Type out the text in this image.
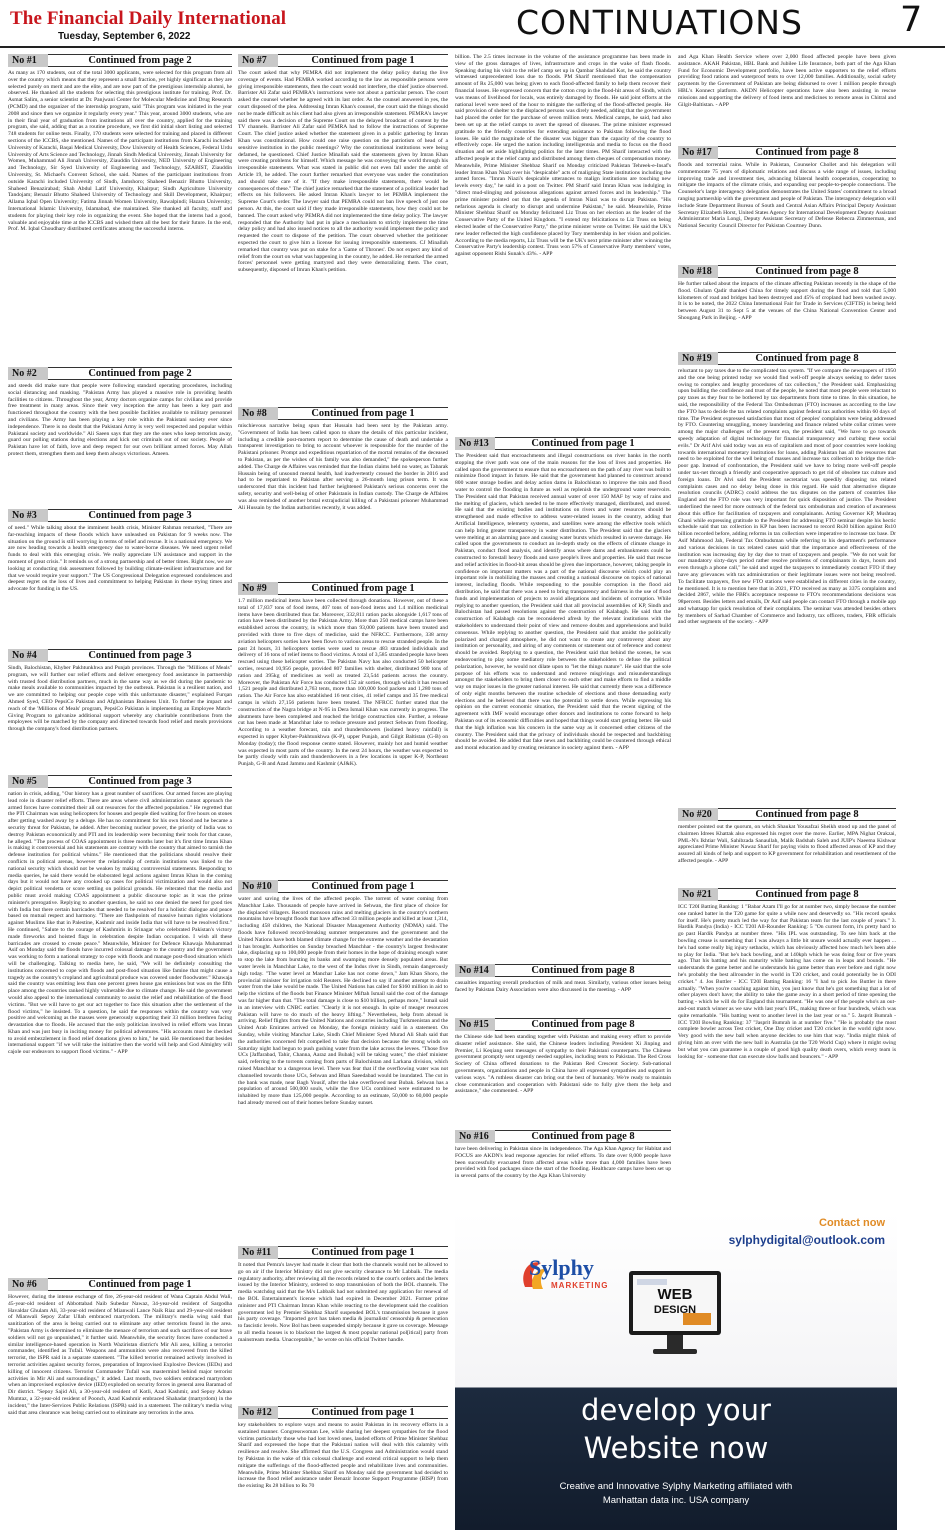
The Financial Daily International
Tuesday, September 6, 2022	CONTINUATIONS	7
No #1	Continued from page 2
As many as 170 students, out of the total 3000 applicants, were selected for this program from all over the country which means that they represent a small fraction, yet highly significant as they are selected purely on merit and are the elite, and are now part of the prestigious internship alumni, he observed. He thanked all the students for selecting this prestigious institute for training. Prof. Dr. Asmat Salim, a senior scientist at Dr. Panjwani Center for Molecular Medicine and Drug Research (PCMD) and the organizer of the internship program, said "This program was initiated in the year 2008 and since then we organize it regularly every year." This year, around 3000 students, who are in their final year of graduation from institutions all over the country, applied for the training program, she said, adding that as a routine procedure, we first did initial short listing and selected 748 students for online tests. Finally, 170 students were selected for training and placed in different sections of the ICCBS, she mentioned. Names of the participant institutions from Karachi included University of Karachi, Baqai Medical University, Dow University of Health Sciences, Federal Urdu University of Arts Science and Technology, Jinnah Sindh Medical University, Jinnah University for Women, Muhammad Ali Jinnah University, Ziauddin University, NED University of Engineering and Technology, Sir Syed University of Engineering and Technology, SZABIST, Ziauddin University, St. Michael's Convent School, she said. Names of the participant institutions from outside Karachi included University of Sindh, Jamshoro; Shaheed Benazir Bhutto University, Shaheed Benazirabad; Shah Abdul Latif University, Khairpur; Sindh Agriculture University Tandojam; Benazir Bhutto Shaheed University of Technology and Skill Development, Khairpur; Allama Iqbal Open University; Fatima Jinnah Women University, Rawalpindi; Hazara University; International Islamic University, Islamabad, she maintained. She thanked all faculty, staff and students for playing their key role in organizing the event. She hoped that the interns had a good, valuable and enjoyable time at the ICCBS and wished them all the best for their future. In the end, Prof. M. Iqbal Choudhary distributed certificates among the successful interns.
No #2	Continued from page 2
and steeds did make sure that people were following standard operating procedures, including social distancing and masking. "Pakistan Army has played a massive role in providing health facilities to citizens. Throughout the year, Army doctors organize camps for civilians and provide free treatment in many areas. Since their very inception the army has been a key part and functioned throughout the country with the best possible facilities available to military personnel and civilians. The Army has been playing a key role within the Pakistani society ever since independence. There is no doubt that the Pakistani Army is very well respected and popular within Pakistani society and worldwide." Ali Saeen says that they are the ones who keep terrorists away, guard our polling stations during elections and kick out criminals out of our society. People of Pakistan have lot of faith, love and deep respect for our own brilliant armed forces. May Allah protect them, strengthen them and keep them always victorious. Ameen.
No #3	Continued from page 3
of need." While talking about the imminent health crisis, Minister Rahman remarked, "There are far-reaching impacts of these floods which have unleashed on Pakistan for 9 weeks now. The situation on the ground is still worrying in terms of relief and rescue. It is a national emergency. We are now heading towards a health emergency due to water-borne diseases. We need urgent relief funds to deal with this emerging crisis. We really appreciate UN assistance and support in the moment of great crisis." It reminds us of a strong partnership and of better times. Right now, we are looking at conducting risk assessment followed by building climate-resilient infrastructure and for that we would require your support." The US Congressional Delegation expressed condolences and deepest regret on the loss of lives and commitment to helping Pakistan in these trying times and advocate for funding in the US.
No #4	Continued from page 3
Sindh, Balochistan, Khyber Pakhtunkhwa and Punjab provinces. Through the "Millions of Meals" program, we will further our relief efforts and deliver emergency food assistance in partnership with trusted food distribution partners, much in the same way as we did during the pandemic to make meals available to communities impacted by the outbreak. Pakistan is a resilient nation, and we are committed to helping our people cope with this unfortunate disaster," explained Furqan Ahmed Syed, CEO PepsiCo Pakistan and Afghanistan Business Unit. To further the impact and reach of the 'Millions of Meals' program, PepsiCo Pakistan is implementing an Employee Match-Giving Program to galvanize additional support whereby any charitable contributions from the employees will be matched by the company and directed towards food relief and meals provisions through the company's food distribution partners.
No #5	Continued from page 3
nation in crisis, adding, "Our history has a great number of sacrifices. Our armed forces are playing lead role in disaster relief efforts. There are areas where civil administration cannot approach the armed forces have committed their all out resources for the affected population." He regretted that the PTI Chairman was using helicopters for houses and people died waiting for five hours on stones after getting washed away by a deluge. He has no commitment for his own blood and he became a security threat for Pakistan, he added. After becoming nuclear power, the priority of India was to destroy Pakistan economically and PTI and its leadership were becoming their tools for that cause, he alleged. "The process of COAS appointment is three months later but it's first time Imran Khan is making it controversial and his statements are contrary with the country that aimed to tarnish the defense institution for political whims." He mentioned that the politicians should resolve their conflicts in political arenas, however the relationship of certain institutions was linked to the national security which should not be weaken by making controversial statements. Responding to media queries, he said there would be elaborated legal actions against Imran Khan in the coming days but it would not have any crooked up cases for political victimization and would also not depict political vendetta or score settling on political grounds. He reiterated that the media and public must avoid making COAS appointment a public discourse topic as it was the prime minister's prerogative. Replying to another question, he said no one denied the need for good ties with India but there certain barricades that needed to be resolved for a holistic dialogue and peace based on mutual respect and harmony. "There are flashpoints of massive human rights violations against Muslims like that in Palestine, Kashmir and inside India that will have to be resolved first." He continued, "Salute to the courage of Kashmiris in Srinagar who celebrated Pakistan's victory made fireworks and hoisted flags in celebration despite Indian occupation. I wish all these barricades are crossed to create peace." Meanwhile, Minister for Defence Khawaja Muhammad Asif on Monday said the floods have incurred colossal damage to the country and the government was working to form a national strategy to cope with floods and manage post-flood situation which will be challenging. Talking to media here, he said, "We will be definitely consulting the institutions concerned to cope with floods and post-flood situation like famine that might cause a tragedy as the country's cropland and agricultural produce was covered under floodwater." Khawaja said the country was emitting less than one percent green house gas emissions but was on the fifth place among the countries ranked highly vulnerable due to climate change. He said the government would also appeal to the international community to assist the relief and rehabilitation of the flood victims. "But we will have to get our act together to face this situation after the settlement of the flood victims," he insisted. To a question, he said the responses within the country was very positive and welcoming as the masses were generously supporting their 33 million brethren facing devastation due to floods. He accused that the only politician involved in relief efforts was Imran Khan and was just busy in inciting money for political adventures. "His accounts must be checked to avoid embezzlement in flood relief donations given to him," he said. He mentioned that besides international support "if we will take the initiative then the world will help and God Almighty will cajole our endeavors to support flood victims." - APP
No #6	Continued from page 1
However, during the intense exchange of fire, 26-year-old resident of Wana Captain Abdul Wali, 45-year-old resident of Abbottabad Naib Subedar Nawaz, 34-year-old resident of Sargodha Havaldar Ghulam Ali, 33-year-old resident of Mianwali Lance Naik Riaz and 29-year-old resident of Mianwali Sepoy Zafar Ullah embraced martyrdom. The military's media wing said that sanitization of the area is being carried out to eliminate any other terrorists found in the area. "Pakistan Army is determined to eliminate the menace of terrorism and such sacrifices of our brave soldiers will not go unpunished," it further said. Meanwhile, the security forces have conducted a similar intelligence-based operation in North Waziristan district's Mir Ali area, killing a terrorist commander, identified as Tufail. Weapons and ammunition were also recovered from the killed terrorist, the ISPR said in a separate statement. "The killed terrorist remained actively involved in terrorist activities against security forces, preparation of Improvised Explosive Devices (IEDs) and killing of innocent citizens. Terrorist Commander Tufail was mastermind behind major terrorist activities in Mir Ali and surroundings," it added. Last month, two soldiers embraced martyrdom when an improvised explosive device (IED) exploded on security forces in general area Baramad of Dir district. "Sepoy Sajid Ali, a 30-year-old resident of Kotli, Azad Kashmir, and Sepoy Adnan Mumtaz, a 32-year-old resident of Poonch, Azad Kashmir embraced Shahadat (martyrdom) in the incident," the Inter-Services Public Relations (ISPR) said in a statement. The military's media wing said that area clearance was being carried out to eliminate any terrorists in the area.
No #7	Continued from page 1
The court asked that why PEMRA did not implement the delay policy during the live coverage of events. Had PEMRA worked according to the law as responsible persons were giving irresponsible statements, then the court would not interfere, the chief justice observed. Barrister Ali Zafar said PEMRA's instructions were not about a particular person. The court asked the counsel whether he agreed with its last order. As the counsel answered in yes, the court disposed of the plea. Addressing Imran Khan's counsel, the court said the things should not be made difficult as his client had also given an irresponsible statement. PEMRA's lawyer said there was a decision of the Supreme Court on the delayed broadcast of content by the TV channels. Barrister Ali Zafar said PEMRA had to follow the instructions of Supreme Court. The chief justice asked whether the statement given in a public gathering by Imran Khan was constitutional. How could one raise question on the patriotism of head of a sensitive institution in the public meetings? Why the constitutional institutions were being defamed, he questioned. Chief Justice Minallah said the statements given by Imran Khan were creating problems for himself. Which message he was conveying the world through his irresponsible statements. What was stated in public did not even fall under the ambit of Article 19, he added. The court further remarked that everyone was under the constitution and should take care of it. "If they make irresponsible statements, there would be consequences of these." The chief justice remarked that the statement of a political leader had effects on his followers. He asked Imran Khan's lawyer to let PEMRA implement the Supreme Court's order. The lawyer said that PEMRA could not ban live speech of just one person. At this, the court said if they made irresponsible statements, how they could not be banned. The court asked why PEMRA did not implemented the time delay policy. The lawyer responded that the Authority had put in place a mechanism to strictly implement the time delay policy and had also issued notices to all the authority would implement the policy and requested the court to dispose of the petition. The court observed whether the petitioner expected the court to give him a license for issuing irresponsible statements. CJ Minallah remarked that country was put on stake for a 'Game of Thrones'. Do not expect any kind of relief from the court on what was happening in the country, he added. He remarked the armed forces' personnel were getting martyred and they were demoralizing them. The court, subsequently, disposed of Imran Khan's petition.
No #8	Continued from page 1
mischievous narrative being spun that Hussain had been sent by the Pakistan army. "Government of India has been called upon to share the details of this particular incident, including a credible post-mortem report to determine the cause of death and undertake a transparent investigation to bring to account whoever is responsible for the murder of the Pakistani prisoner. Prompt and expeditious repatriation of the mortal remains of the deceased to Pakistan, as per the wishes of his family was also demanded," the spokesperson further added. The Charge de Affaires was reminded that the Indian claims held no water, as Tabarak Hussain being of unsound mental health, had inadvertently crossed the border in 2016 and had to be repatriated to Pakistan after serving a 26-month long prison term. It was underscored that this incident had further heightened Pakistan's serious concerns over the safety, security and well-being of other Pakistanis in Indian custody. The Charge de Affaires was also reminded of another brutal extrajudicial killing of a Pakistani prisoner Muhammad Ali Hussain by the Indian authorities recently, it was added.
No #9	Continued from page 1
1.7 million medicinal items have been collected through donations. However, out of these a total of 17,837 tons of food items, 407 tons of non-food items and 1.4 million medicinal items have been distributed thus far. Moreover, 332,811 ration packs alongside 1,617 tons of ration have been distributed by the Pakistan Army. More than 250 medical camps have been established across the country, in which more than 93,000 patients have been treated and provided with three to five days of medicine, said the NFRCC. Furthermore, 338 army aviation helicopters sorties have been flown to various areas to rescue stranded people. In the past 24 hours, 31 helicopters sorties were used to rescue 483 stranded individuals and delivery of 16 tons of relief items to flood victims. A total of 3,585 stranded people have been rescued using these helicopter sorties. The Pakistan Navy has also conducted 50 helicopter sorties, rescued 10,956 people, provided 807 families with shelter, distributed 980 tons of ration and 395kg of medicines as well as treated 23,544 patients across the country. Moreover, the Pakistan Air Force has conducted 152 air sorties, through which it has rescued 1,521 people and distributed 2,763 tents, more than 100,000 food packets and 1,280 tons of ration. The Air Force has also established 16 tent cities, 41 relief camps and 35 free medical camps in which 27,156 patients have been treated. The NFRCC further stated that the construction of the Nagra bridge at N-95 in Dera Ismail Khan was currently in progress. The abutments have been completed and reached the bridge construction site. Further, a release cut has been made at Manchhar lake to reduce pressure and protect Sehwan from flooding. According to a weather forecast, rain and thundershowers (isolated heavy rainfall) is expected in upper Khyber-Pakhtunkhwa (K-P), upper Punjab, and Gilgit Baltistan (G-B) on Monday (today); the flood response centre stated. However, mainly hot and humid weather was expected in most parts of the country. In the next 24 hours, the weather was expected to be partly cloudy with rain and thundershowers in a few locations in upper K-P, Northeast Punjab, G-B and Azad Jammu and Kashmir (AJ&K).
No #10	Continued from page 1
water and saving the lives of the affected people. The torrent of water coming from Manchhar Lake. Thousands of people have arrived in Sehwan, the first place of choice for the displaced villagers. Record monsoon rains and melting glaciers in the country's northern mountains have brought floods that have affected 33 million people and killed at least 1,314, including 458 children, the National Disaster Management Authority (NDMA) said. The floods have followed record-breaking summer temperatures and the government and the United Nations have both blamed climate change for the extreme weather and the devastation it has brought. Authorities on Sunday breached Manchhar - the country's largest freshwater lake, displacing up to 100,000 people from their homes in the hope of draining enough water to stop the lake from bursting its banks and swamping more densely populated areas. But water levels in Manchhar Lake, to the west of the Indus river in Sindh, remain dangerously high today. "The water level at Manchar Lake has not come down," Jam Khan Shoro, the provincial minister for irrigation told Reuters. He declined to say if another attempt to drain water from the lake would be made. The United Nations has called for $160 million in aid to help the victims of the floods but Finance Minister Miftah Ismail said the cost of the damage was far higher than that. "The total damage is close to $10 billion, perhaps more," Ismail said in an interview with CNBC earlier. "Clearly it is not enough. In spite of meager resources Pakistan will have to do much of the heavy lifting." Nevertheless, help from abroad is arriving. Relief flights from the United Nations and countries including Turkmenistan and the United Arab Emirates arrived on Monday, the foreign ministry said in a statement. On Sunday, while visiting Manchar Lake, Sindh Chief Minister Syed Murad Ali Shah said that the authorities concerned felt compelled to take that decision because the strong winds on Saturday night had begun to push gushing water from the lake across the levees. "Those five UCs [Jaffarabad, Tahir, Channa, Aaraz and Bubak] will be taking water," the chief minister said, referring to the torrents coming from parts of Balochistan and Larkana division, which raised Manchhar to a dangerous level. There was fear that if the overflowing water was not channelled towards those UCs, Sehwan and Bhan Saeedabad would be inundated. The cut in the bank was made, near Bagh Yousif, after the lake overflowed near Bubak. Sehwan has a population of around 500,000 souls, while the five UCs combined were estimated to be inhabited by more than 125,000 people. According to an estimate, 50,000 to 60,000 people had already moved out of their homes before Sunday sunset.
No #11	Continued from page 1
It noted that Pemra's lawyer had made it clear that both the channels would not be allowed to go on air if the Interior Ministry did not give security clearance to Mr Labbaik. The media regulatory authority, after reviewing all the records related to the court's orders and the letters issued by the Interior Ministry, ordered to stop transmission of both the BOL channels. The media watchdog said that the M/s Labbaik had not submitted any application for renewal of the BOL Entertainment's license which had expired in December 2021. Former prime minister and PTI Chairman Imran Khan while reacting to the development said the coalition government led by Premier Shehbaz Sharif suspended BOL's transmission because it gave his party coverage. "Imported govt has taken media & journalists' censorship & persecution to fascistic levels. Now Bol has been suspended simply because it gave us coverage. Message to all media houses is to blackout the largest & most popular national pol[itical] party from mainstream media. Unacceptable," he wrote on his official Twitter handle.
No #12	Continued from page 1
key stakeholders to explore ways and means to assist Pakistan in its recovery efforts in a sustained manner. Congresswoman Lee, while sharing her deepest sympathies for the flood victims particularly those who had lost loved ones, lauded efforts of Prime Minister Shehbaz Sharif and expressed the hope that the Pakistani nation will deal with this calamity with resilience and resolve. She affirmed that the U.S. Congress and Administration would stand by Pakistan in the wake of this colossal challenge and extend critical support to help them mitigate the sufferings of the flood-affected people and rehabilitate lives and communities. Meanwhile, Prime Minister Shehbaz Sharif on Monday said the government had decided to increase the flood relief assistance under Benazir Income Support Programme (BISP) from the existing Rs 28 billion to Rs 70
billion. The 2.5 times increase in the volume of the assistance programme has been made in view of the gross damages of lives, infrastructure and crops in the wake of flash floods. Speaking during his visit to the relief camp set up in Qambar Shahdad Kot, he said the country witnessed unprecedented loss due to floods. PM Sharif mentioned that the compensation amount of Rs 25,000 was being given to each flood-affected family to help them recover their financial losses. He expressed concern that the cotton crop in the flood-hit areas of Sindh, which was means of livelihood for locals, was entirely damaged by floods. He said joint efforts at the national level were need of the hour to mitigate the suffering of the flood-affected people. He said provision of shelter to the displaced persons was direly needed, adding that the government had placed the order for the purchase of seven million tents. Medical camps, he said, had also been set up at the relief camps to avert the spread of diseases. The prime minister expressed gratitude to the friendly countries for extending assistance to Pakistan following the flood losses. He said the magnitude of the disaster was bigger than the capacity of the country to effectively cope. He urged the nation including intelligentsia and media to focus on the flood situation and set aside highlighting politics for the later times. PM Sharif interacted with the affected people at the relief camp and distributed among them cheques of compensation money. Meanwhile, Prime Minister Shehbaz Sharif on Monday criticized Pakistan Tehreek-e-Insaf's leader Imran Khan Niazi over his "despicable" acts of maligning State institutions including the armed forces. "Imran Niazi's despicable utterances to malign institutions are touching new levels every day," he said in a post on Twitter. PM Sharif said Imran Khan was indulging in "direct mud-slinging and poisonous allegations against armed forces and its leadership." The prime minister pointed out that the agenda of Imran Niazi was to disrupt Pakistan. "His nefarious agenda is clearly to disrupt and undermine Pakistan," he said. Meanwhile, Prime Minister Shehbaz Sharif on Monday felicitated Liz Truss on her election as the leader of the Conservative Party of the United Kingdom. "I extend my felicitations to Liz Truss on being elected leader of the Conservative Party," the prime minister wrote on Twitter. He said the UK's new leader reflected the high confidence placed by Tory membership in her vision and policies. According to the media reports, Liz Truss will be the UK's next prime minister after winning the Conservative Party's leadership contest. Truss won 57% of Conservative Party members' votes, against opponent Rishi Sunak's 43%. - APP
No #13	Continued from page 1
The President said that encroachments and illegal constructions on river banks in the north stopping the river path was one of the main reasons for the loss of lives and properties. He called upon the government to ensure that no encroachment on the path of any river was built to minimize flood impact in future. He said that the government had planned to construct around 800 water storage bodies and delay action dams in Balochistan to improve the rain and flood water to control the flooding in future as well as replenish the underground water reservoirs. The President said that Pakistan received annual water of over 150 MAF by way of rains and the melting of glaciers, which needed to be more effectively managed, distributed, and stored. He said that the existing bodies and institutions on rivers and water resources should be strengthened and made effective to address water-related issues in the country, adding that Artificial Intelligence, telemetry systems, and satellites were among the effective tools which can help bring greater transparency in water distribution. The President said that the glaciers were melting at an alarming pace and causing water bursts which resulted in severe damage. He called upon the governments to conduct an in-depth study on the effects of climate change in Pakistan, conduct flood analysis, and identify areas where dams and embankments could be constructed to forestall heavy floods and save people's lives and properties. He said that rescue and relief activities in flood-hit areas should be given due importance, however, taking people in confidence on important matters was a part of the national discourse which could play an important role in mobilizing the masses and creating a national discourse on topics of national interest, including floods. While responding to the possible corruption in the flood aid distribution, he said that there was a need to bring transparency and fairness in the use of flood funds and implementation of projects to avoid allegations and incidents of corruption. While replying to another question, the President said that all provincial assemblies of KP, Sindh and Balochistan had passed resolutions against the construction of Kalabagh. He said that the construction of Kalabagh can be reconsidered afresh by the relevant institutions with the stakeholders to understand their point of view and remove doubts and apprehensions and build consensus. While replying to another question, the President said that amidst the politically polarized and charged atmosphere, he did not want to create any controversy about any institution or personality, and airing of any comments or statement out of reference and context should be avoided. Replying to a question, the President said that behind the scenes, he was endeavouring to play some mediatory role between the stakeholders to defuse the political polarization, however, he would not dilate upon to "let the things mature". He said that the sole purpose of his efforts was to understand and remove misgivings and misunderstandings amongst the stakeholders to bring them closer to each other and make efforts to find a middle way on major issues in the greater national interest. He said that currently there was a difference of only eight months between the routine schedule of elections and those demanding early elections and he believed that there was the potential to settle down. While expressing his opinion on the current economic situation, the President said that the recent signing of the agreement with IMF would encourage other donors and institutions to come forward to help Pakistan out of its economic difficulties and hoped that things would start getting better. He said that the high inflation was his concern in the same way as it concerned other citizens of the country. The President said that the privacy of individuals should be respected and backbiting should be avoided. He added that fake news and backbiting could be countered through ethical and moral education and by creating resistance in society against them. - APP
No #14	Continued from page 8
casualties impacting overall production of milk and meat. Similarly, various other issues being faced by Pakistan Dairy Association were also discussed in the meeting. - APP
No #15	Continued from page 8
the Chinese side had been standing together with Pakistan and making every effort to provide disaster relief assistance. She said, the Chinese leaders including President Xi Jinping and Premier, Li Keqiang sent messages of sympathy to their Pakistani counterparts. The Chinese government promptly sent urgently needed supplies, including tents to Pakistan. The Red Cross Society of China offered donations to the Pakistan Red Crescent Society. Sub-national governments, organizations and people in China have all expressed sympathies and support in various ways. "A ruthless disaster can bring out the best of humanity. We're ready to maintain close communication and cooperation with Pakistani side to fully give them the help and assistance," she commented. - APP
No #16	Continued from page 8
have been delivering in Pakistan since its independence. The Aga Khan Agency for Habitat and FOCUS are AKDN's lead response agencies for relief efforts. To date over 8,000 people have been successfully evacuated from affected areas while more than 4,000 families have been provided with food packages since the start of the flooding. Healthcare camps have been set up in several parts of the country by the Aga Khan University
and Aga Khan Health Service where over 2,000 flood affected people have been given assistance. AKAH Pakistan, HBL Bank and Jubilee Life Insurance, both part of the Aga Khan Fund for Economic Development portfolio, have been active supporters to the relief efforts providing food rations and waterproof tents to over 12,000 families. Additionally, social safety payments by the Government of Pakistan are being disbursed to over 1 million people through HBL's Konnect platform. AKDN Helicopter operations have also been assisting in rescue missions and supporting the delivery of food items and medicines to remote areas in Chitral and Gilgit-Baltistan. - APP
No #17	Continued from page 8
floods and torrential rains. While in Pakistan, Counselor Chollet and his delegation will commemorate 75 years of diplomatic relations and discuss a wide range of issues, including improving trade and investment ties, advancing bilateral health cooperation, cooperating to mitigate the impacts of the climate crisis, and expanding our people-to-people connections. The Counselor's large interagency delegation demonstrates the United States' commitment to a broad ranging partnership with the government and people of Pakistan. The interagency delegation will include State Department Bureau of South and Central Asian Affairs Principal Deputy Assistant Secretary Elizabeth Horst, United States Agency for International Development Deputy Assistant Administrator Maria Longi, Deputy Assistant Secretary of Defense Rebecca Zimmerman, and National Security Council Director for Pakistan Courtney Dunn.
No #18	Continued from page 8
He further talked about the impacts of the climate affecting Pakistan recently in the shape of the flood. Ghulam Qadir thanked China for timely support during the flood and told that 5,000 kilometers of road and bridges had been destroyed and 45% of cropland had been washed away. It is to be noted, the 2022 China International Fair for Trade in Services (CIFTIS) is being held between August 31 to Sept 5 at the venues of the China National Convention Center and Shougang Park in Beijing. - APP
No #19	Continued from page 8
reluctant to pay taxes due to the complicated tax system. "If we compare the newspapers of 1950 and the one being printed today we would find well-off people always seeking to defer taxes owing to complex and lengthy procedures of tax collection," the President said. Emphasizing upon building the confidence and trust of the people, he noted that most people were reluctant to pay taxes as they fear to be bothered by tax departments from time to time. In this situation, he said, the responsibility of the Federal Tax Ombudsman (FTO) increases as according to the law the FTO has to decide the tax related complaints against federal tax authorities within 60 days of time. The President expressed satisfaction that most of peoples' complaints were being addressed by FTO. Countering smuggling, money laundering and finance related white collar crimes were among the major challenges of the present era, the president said, "We have to go towards speedy adaptation of digital technology for financial transparency and curbing these social evils." Dr Arif Alvi said today was an era of capitalism and most of poor countries were looking towards international monetary institutions for loans, adding Pakistan has all the resources that need to be exploited for the well being of masses and increase tax collection to bridge the rich-poor gap. Instead of confrontation, the President said we have to bring more well-off people under tax-net through a friendly and cooperative approach to get rid of obsolete tax culture and foreign loans. Dr Alvi said the President secretariat was speedily disposing tax related complaints cases and no delay being done in this regard. He said that alternative dispute resolution councils (ADRC) could address the tax disputes on the pattern of countries like England and the FTO role was very important for quick disposition of justice. The President underlined the need for more outreach of the federal tax ombudsman and creation of awareness about this office for facilitation of taxpayers and complainants. Acting Governor KP, Mushtaq Ghani while expressing gratitude to the President for addressing FTO seminar despite his hectic schedule said that tax collection in KP has been increased to record Rs30 billion against Rs10 billion recorded before, adding reforms in tax collection were imperative to increase tax base. Dr Asif Mahmood Jah, Federal Tax Ombudsman while referring to his department's performance and various decisions in tax related cases said that the importance and effectiveness of the institution was increasing day by day due to trust of taxpayers and people. "We do not wait for our mandatory sixty-days period rather resolve problems of complainants in days, hours and even through a phone call," he said and urged the taxpayers to immediately contact FTO if they have any grievances with tax administration or their legitimate issues were not being resolved. To facilitate taxpayers, five new FTO stations were established in different cities in the country, he mentioned. It is to mention here that in 2021, FTO received as many as 3375 complaints and decided 2867, while the FBR's acceptance response to FTO's recommendations decisions was 98percent. Besides letters and emails, Dr Asif said people can contact FTO through a mobile app and whatsapp for quick resolution of their complaints. The seminar was attended besides others by members of Sarhad Chamber of Commerce and Industry, tax officers, traders, FBR officials and other segments of the society. - APP
No #20	Continued from page 8
member pointed out the quorum, on which Shaukat Yousafzai Sheikh stood up and the panel of chairmen Idrees Khattak also expressed his regret over the move. Earlier, MPA Nighat Orakzai, PML-N's Ikhtiar Wali, Sahibzada Sanaullah, Malik Badshah Saleh and JUIP's Naeema Kishwar appreciated Prime Minister Nawaz Sharif for paying visits to flood affected areas of KP and they assured all kinds of help and support to KP government for rehabilitation and resettlement of the affected people. - APP
No #21	Continued from page 8
ICC T20I Batting Ranking: 1 "Babar Azam I'll go for at number two, simply because the number one ranked batter in the T20 game for quite a while now and deservedly so. "His record speaks for itself. He's pretty much led the way for that Pakistan team for the last couple of years." 3. Hardik Pandya (India) - ICC T20I All-Rounder Ranking: 5 "On current form, it's pretty hard to go past Hardik Pandya at number three. "His IPL was outstanding. To see him back at the bowling crease is something that I was always a little bit unsure would actually ever happen ... he's had some really big injury setbacks, which has obviously affected how much he's been able to play for India. "But he's back bowling, and at 140kph which he was doing four or five years ago. That his batting and his maturity while batting has come on in leaps and bounds. "He understands the game better and he understands his game better than ever before and right now he's probably the best allrounder in the world in T20 cricket, and could potentially be in ODI cricket." 4. Jos Buttler - ICC T20I Batting Ranking: 16 "I had to pick Jos Buttler in there actually. "When you're coaching against him, you just know that he's got something that a lot of other players don't have; the ability to take the game away in a short period of time opening the batting - which he will do for England this tournament. "He was one of the people who's an out-and-out match winner as we saw with last year's IPL, making three or four hundreds, which was quite remarkable. "His batting went to another level in the last year or so." 5. Jasprit Bumrah - ICC T20I Bowling Ranking: 37 "Jasprit Bumrah in at number five." "He is probably the most complete bowler across Test cricket, One Day cricket and T20 cricket in the world right now. Very good with the new ball when anyone decides to use him that way. "India might think of giving him an over with the new ball in Australia (at the T20 World Cup) where it might swing but what you can guarantee is a couple of good high quality death overs, which every team is looking for - someone that can execute slow balls and bouncers." - APP
Contact now
sylphydigital@outlook.com
Sylphy
MARKETING
WEB
DESIGN
develop your
Website now
Creative and Innovative Sylphy Marketing affiliated with
Manhattan data inc. USA company
